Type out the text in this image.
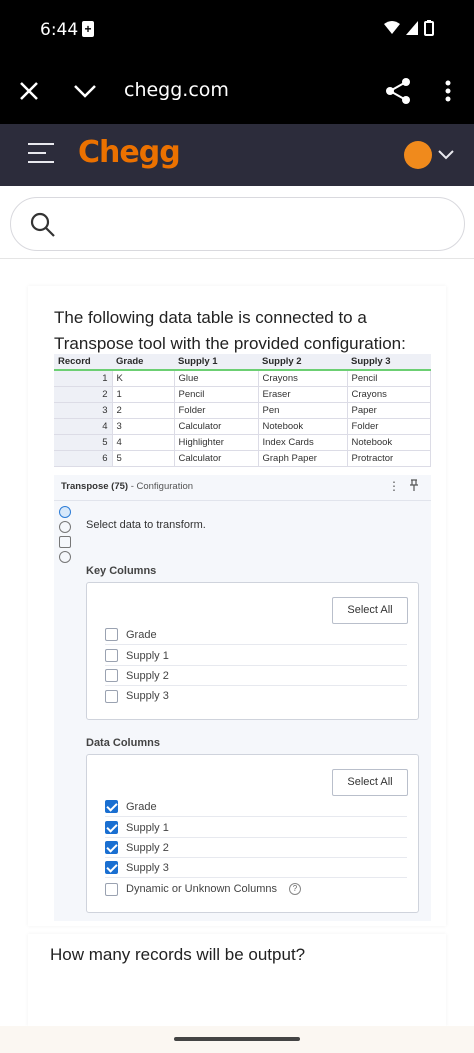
6:44 +
chegg.com
Chegg
The following data table is connected to a Transpose tool with the provided configuration:
Record	Grade	Supply 1	Supply 2	Supply 3
1	K	Glue	Crayons	Pencil
2	1	Pencil	Eraser	Crayons
3	2	Folder	Pen	Paper
4	3	Calculator	Notebook	Folder
5	4	Highlighter	Index Cards	Notebook
6	5	Calculator	Graph Paper	Protractor
Transpose (75) - Configuration	⋮
Select data to transform.
Key Columns
Select All
Grade
Supply 1
Supply 2
Supply 3
Data Columns
Select All
Grade
Supply 1
Supply 2
Supply 3
Dynamic or Unknown Columns	?
How many records will be output?
